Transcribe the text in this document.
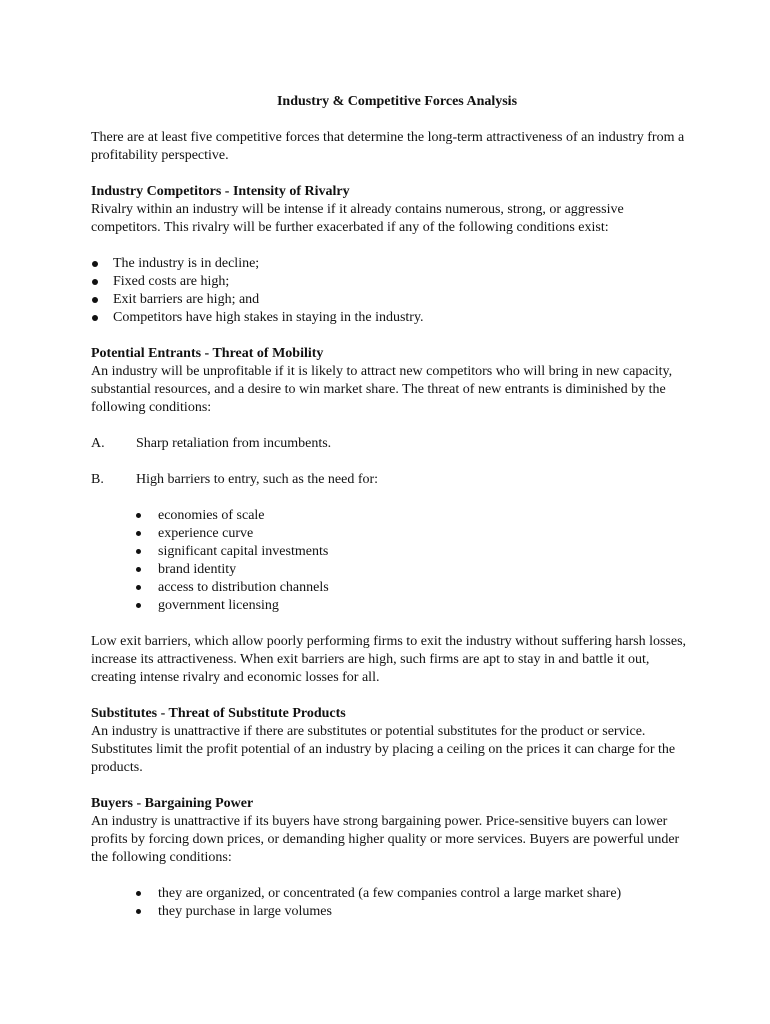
Industry & Competitive Forces Analysis

There are at least five competitive forces that determine the long-term attractiveness of an industry from a profitability perspective.

Industry Competitors - Intensity of Rivalry

Rivalry within an industry will be intense if it already contains numerous, strong, or aggressive competitors. This rivalry will be further exacerbated if any of the following conditions exist:

The industry is in decline;
Fixed costs are high;
Exit barriers are high; and
Competitors have high stakes in staying in the industry.

Potential Entrants - Threat of Mobility

An industry will be unprofitable if it is likely to attract new competitors who will bring in new capacity, substantial resources, and a desire to win market share. The threat of new entrants is diminished by the following conditions:

A.	Sharp retaliation from incumbents.
B.	High barriers to entry, such as the need for:
economies of scale
experience curve
significant capital investments
brand identity
access to distribution channels
government licensing

Low exit barriers, which allow poorly performing firms to exit the industry without suffering harsh losses, increase its attractiveness. When exit barriers are high, such firms are apt to stay in and battle it out, creating intense rivalry and economic losses for all.

Substitutes - Threat of Substitute Products

An industry is unattractive if there are substitutes or potential substitutes for the product or service. Substitutes limit the profit potential of an industry by placing a ceiling on the prices it can charge for the products.

Buyers - Bargaining Power

An industry is unattractive if its buyers have strong bargaining power. Price-sensitive buyers can lower profits by forcing down prices, or demanding higher quality or more services. Buyers are powerful under the following conditions:

they are organized, or concentrated (a few companies control a large market share)
they purchase in large volumes
